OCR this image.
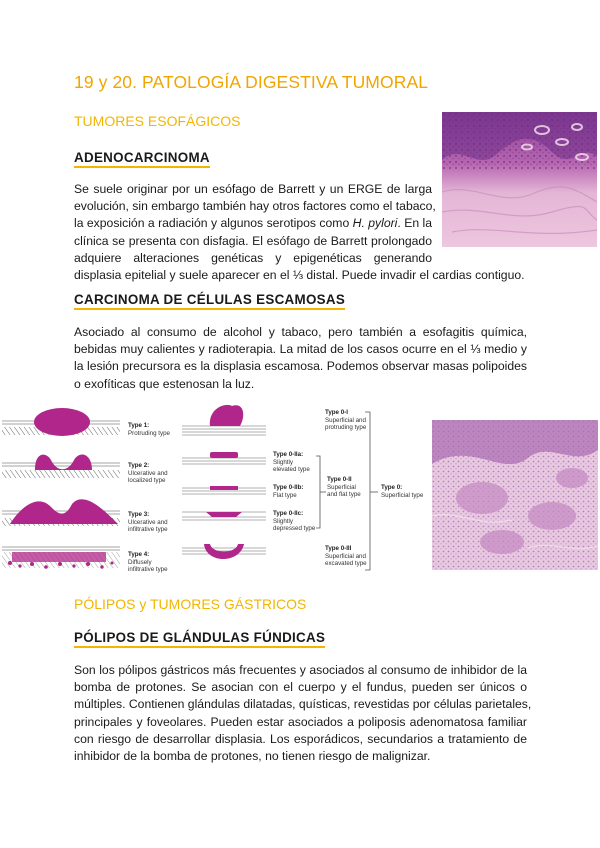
19 y 20. PATOLOGÍA DIGESTIVA TUMORAL
TUMORES ESOFÁGICOS
ADENOCARCINOMA
Se suele originar por un esófago de Barrett y un ERGE de larga
evolución, sin embargo también hay otros factores como el tabaco,
la exposición a radiación y algunos serotipos como H. pylori. En la
clínica se presenta con disfagia. El esófago de Barrett prolongado
adquiere alteraciones genéticas y epigenéticas generando
displasia epitelial y suele aparecer en el ⅓ distal. Puede invadir el cardias contiguo.
CARCINOMA DE CÉLULAS ESCAMOSAS
Asociado al consumo de alcohol y tabaco, pero también a esofagitis química,
bebidas muy calientes y radioterapia. La mitad de los casos ocurre en el ⅓ medio y
la lesión precursora es la displasia escamosa. Podemos observar masas polipoides
o exofíticas que estenosan la luz.
Type 1:
Protruding type
Type 2:
Ulcerative and localized type
Type 3:
Ulcerative and infiltrative type
Type 4:
Diffusely infiltrative type
Type 0-IIa:
Slightly elevated type
Type 0-IIb:
Flat type
Type 0-IIc:
Slightly depressed type
Type 0-I
Superficial and protruding type
Type 0-II
Superficial and flat type
Type 0-III
Superficial and excavated type
Type 0:
Superficial type
PÓLIPOS y TUMORES GÁSTRICOS
PÓLIPOS DE GLÁNDULAS FÚNDICAS
Son los pólipos gástricos más frecuentes y asociados al consumo de inhibidor de la
bomba de protones. Se asocian con el cuerpo y el fundus, pueden ser únicos o
múltiples. Contienen glándulas dilatadas, quísticas, revestidas por células parietales,
principales y foveolares. Pueden estar asociados a poliposis adenomatosa familiar
con riesgo de desarrollar displasia. Los esporádicos, secundarios a tratamiento de
inhibidor de la bomba de protones, no tienen riesgo de malignizar.
